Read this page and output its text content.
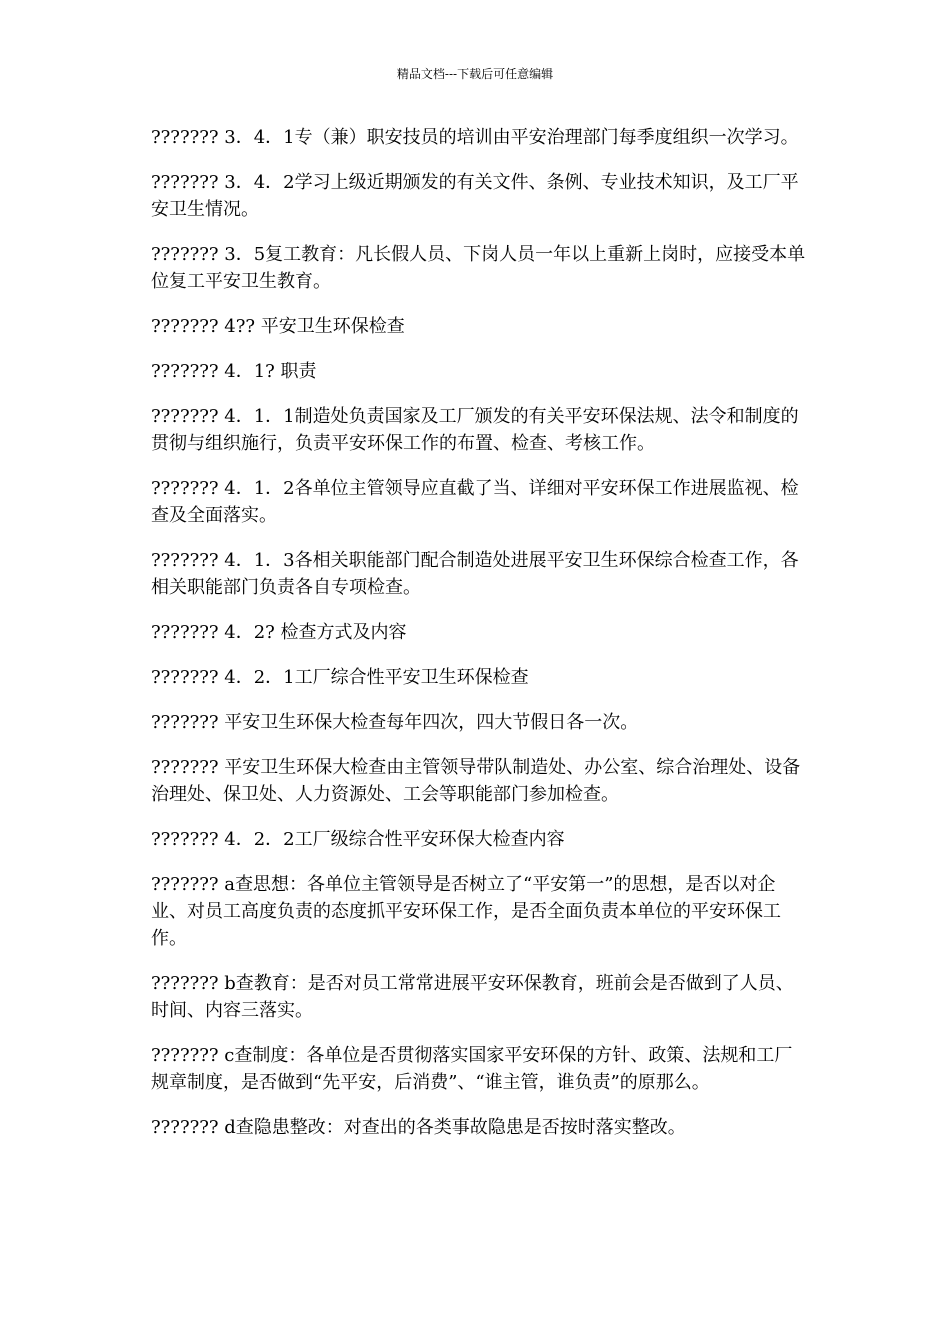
精品文档---下载后可任意编辑

??????? 3．4．1专（兼）职安技员的培训由平安治理部门每季度组织一次学习。

??????? 3．4．2学习上级近期颁发的有关文件、条例、专业技术知识，及工厂平安卫生情况。

??????? 3．5复工教育：凡长假人员、下岗人员一年以上重新上岗时，应接受本单位复工平安卫生教育。

??????? 4?? 平安卫生环保检查

??????? 4．1? 职责

??????? 4．1．1制造处负责国家及工厂颁发的有关平安环保法规、法令和制度的贯彻与组织施行，负责平安环保工作的布置、检查、考核工作。

??????? 4．1．2各单位主管领导应直截了当、详细对平安环保工作进展监视、检查及全面落实。

??????? 4．1．3各相关职能部门配合制造处进展平安卫生环保综合检查工作，各相关职能部门负责各自专项检查。

??????? 4．2? 检查方式及内容

??????? 4．2．1工厂综合性平安卫生环保检查

??????? 平安卫生环保大检查每年四次，四大节假日各一次。

??????? 平安卫生环保大检查由主管领导带队制造处、办公室、综合治理处、设备治理处、保卫处、人力资源处、工会等职能部门参加检查。

??????? 4．2．2工厂级综合性平安环保大检查内容

??????? a查思想：各单位主管领导是否树立了“平安第一”的思想，是否以对企业、对员工高度负责的态度抓平安环保工作，是否全面负责本单位的平安环保工作。

??????? b查教育：是否对员工常常进展平安环保教育，班前会是否做到了人员、时间、内容三落实。

??????? c查制度：各单位是否贯彻落实国家平安环保的方针、政策、法规和工厂规章制度，是否做到“先平安，后消费”、“谁主管，谁负责”的原那么。

??????? d查隐患整改：对查出的各类事故隐患是否按时落实整改。
